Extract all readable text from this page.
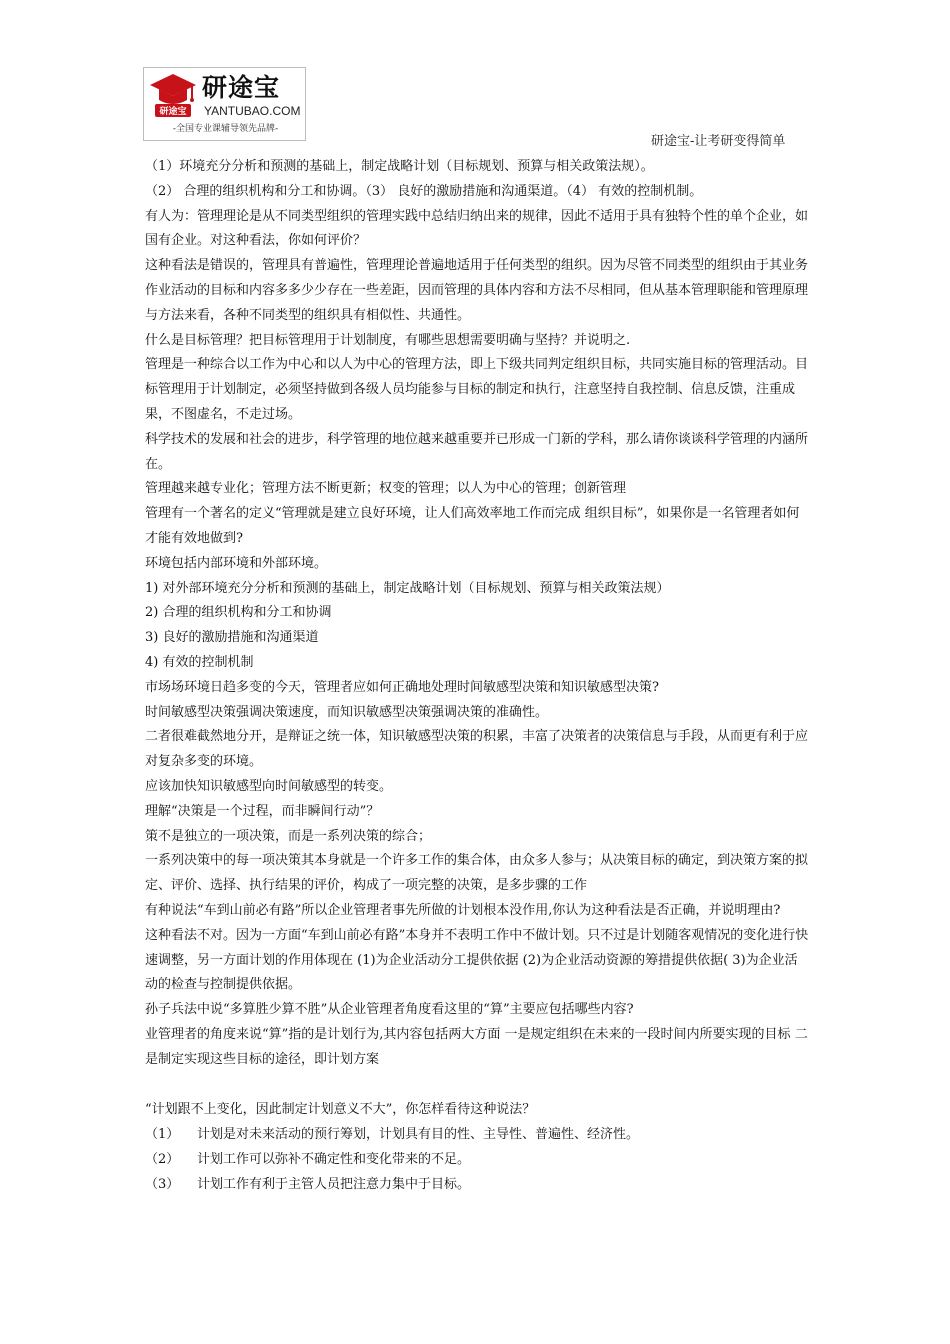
研途宝
研途宝
YANTUBAO.COM
-全国专业课辅导领先品牌-
研途宝-让考研变得简单

（1）环境充分分析和预测的基础上，制定战略计划（目标规划、预算与相关政策法规）。

（2） 合理的组织机构和分工和协调。（3） 良好的激励措施和沟通渠道。（4） 有效的控制机制。

有人为：管理理论是从不同类型组织的管理实践中总结归纳出来的规律，因此不适用于具有独特个性的单个企业，如国有企业。对这种看法，你如何评价？

这种看法是错误的，管理具有普遍性，管理理论普遍地适用于任何类型的组织。因为尽管不同类型的组织由于其业务作业活动的目标和内容多多少少存在一些差距，因而管理的具体内容和方法不尽相同，但从基本管理职能和管理原理与方法来看，各种不同类型的组织具有相似性、共通性。

什么是目标管理？把目标管理用于计划制度，有哪些思想需要明确与坚持？并说明之.

管理是一种综合以工作为中心和以人为中心的管理方法，即上下级共同判定组织目标，共同实施目标的管理活动。目标管理用于计划制定，必须坚持做到各级人员均能参与目标的制定和执行，注意坚持自我控制、信息反馈，注重成果，不图虚名，不走过场。

科学技术的发展和社会的进步，科学管理的地位越来越重要并已形成一门新的学科，那么请你谈谈科学管理的内涵所在。

管理越来越专业化；管理方法不断更新；权变的管理；以人为中心的管理；创新管理

管理有一个著名的定义“管理就是建立良好环境，让人们高效率地工作而完成 组织目标”，如果你是一名管理者如何才能有效地做到?

环境包括内部环境和外部环境。

1) 对外部环境充分分析和预测的基础上，制定战略计划（目标规划、预算与相关政策法规）

2) 合理的组织机构和分工和协调

3) 良好的激励措施和沟通渠道

4) 有效的控制机制

市场场环境日趋多变的今天，管理者应如何正确地处理时间敏感型决策和知识敏感型决策?

时间敏感型决策强调决策速度，而知识敏感型决策强调决策的准确性。

二者很难截然地分开，是辩证之统一体，知识敏感型决策的积累，丰富了决策者的决策信息与手段，从而更有利于应对复杂多变的环境。

应该加快知识敏感型向时间敏感型的转变。

理解“决策是一个过程，而非瞬间行动”？

策不是独立的一项决策，而是一系列决策的综合；

一系列决策中的每一项决策其本身就是一个许多工作的集合体，由众多人参与；从决策目标的确定，到决策方案的拟定、评价、选择、执行结果的评价，构成了一项完整的决策，是多步骤的工作

有种说法“车到山前必有路”所以企业管理者事先所做的计划根本没作用,你认为这种看法是否正确，并说明理由?

这种看法不对。因为一方面“车到山前必有路”本身并不表明工作中不做计划。只不过是计划随客观情况的变化进行快速调整，另一方面计划的作用体现在 (1)为企业活动分工提供依据 (2)为企业活动资源的筹措提供依据( 3)为企业活动的检查与控制提供依据。

孙子兵法中说“多算胜少算不胜”从企业管理者角度看这里的“算”主要应包括哪些内容?

业管理者的角度来说“算”指的是计划行为,其内容包括两大方面 一是规定组织在未来的一段时间内所要实现的目标 二是制定实现这些目标的途径，即计划方案

“计划跟不上变化，因此制定计划意义不大”，你怎样看待这种说法？

（1） 计划是对未来活动的预行筹划，计划具有目的性、主导性、普遍性、经济性。

（2） 计划工作可以弥补不确定性和变化带来的不足。

（3） 计划工作有利于主管人员把注意力集中于目标。
